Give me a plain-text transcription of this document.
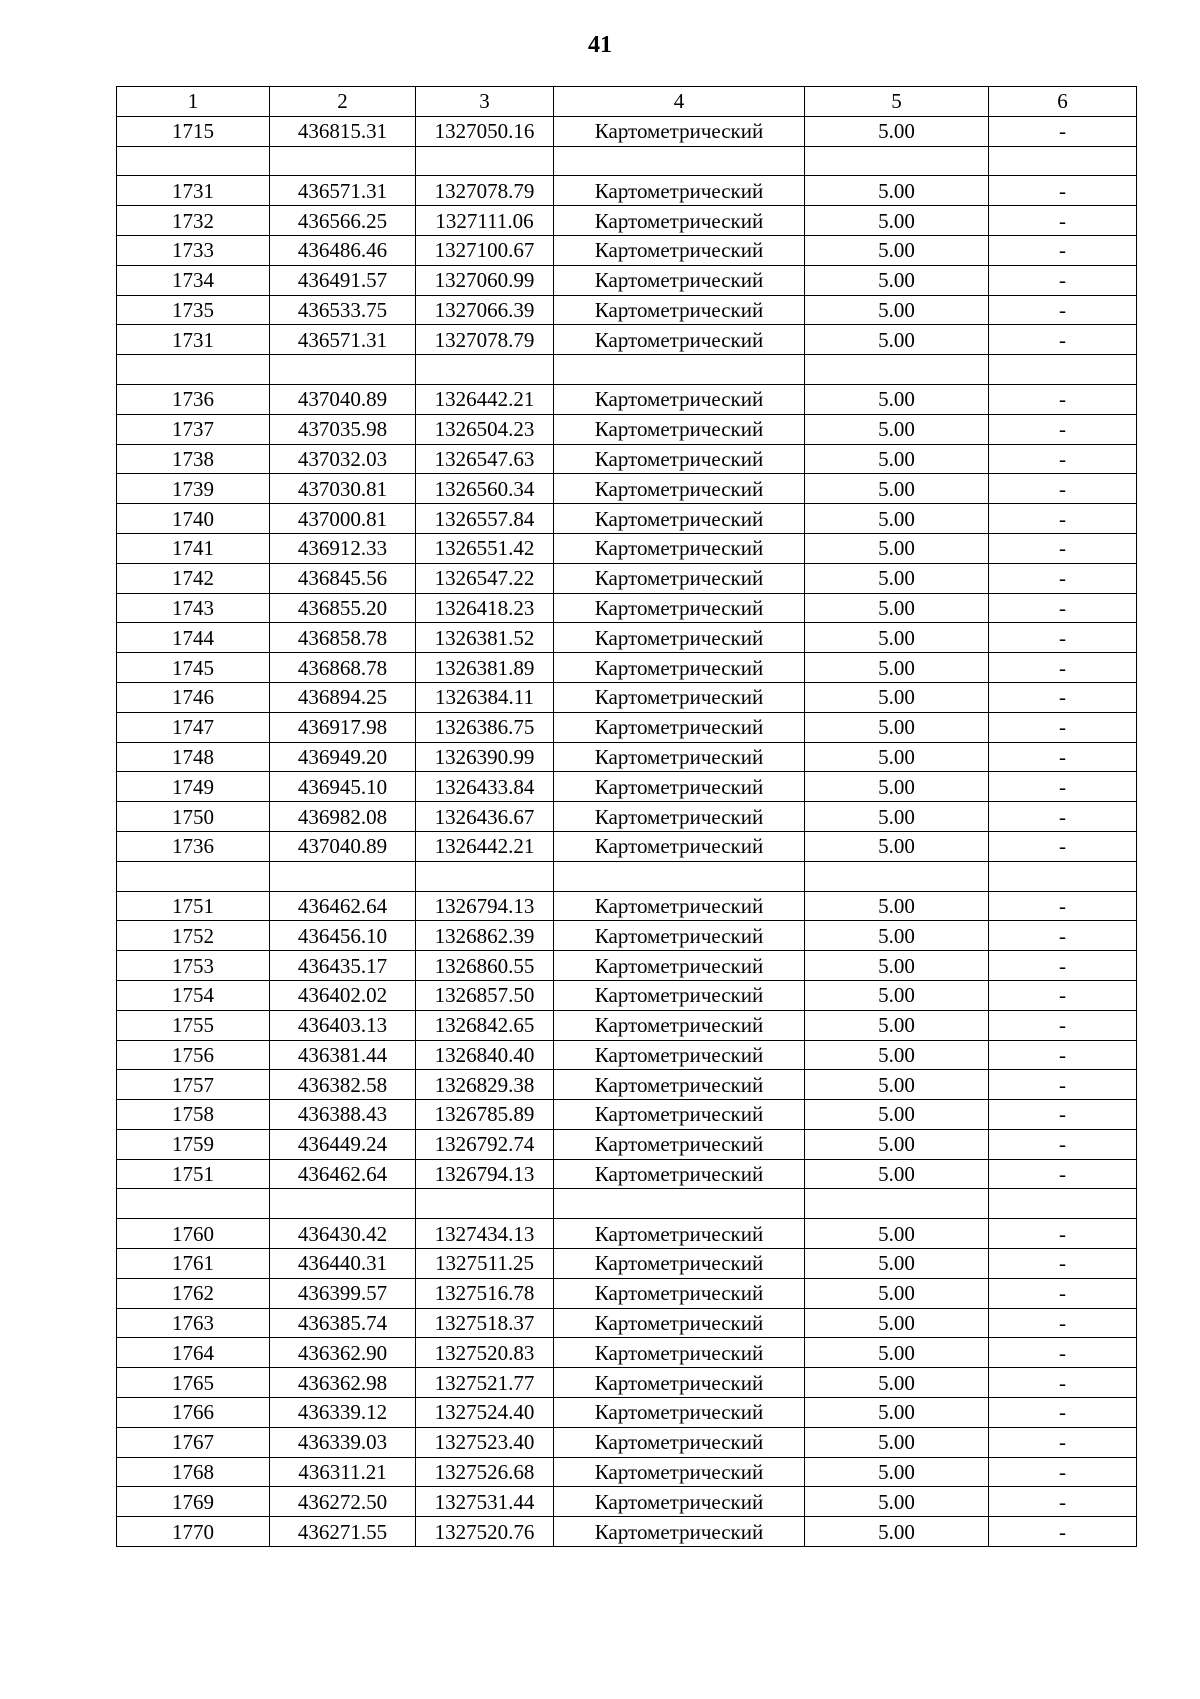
41
1	2	3	4	5	6
1715	436815.31	1327050.16	Картометрический	5.00	-

1731	436571.31	1327078.79	Картометрический	5.00	-
1732	436566.25	1327111.06	Картометрический	5.00	-
1733	436486.46	1327100.67	Картометрический	5.00	-
1734	436491.57	1327060.99	Картометрический	5.00	-
1735	436533.75	1327066.39	Картометрический	5.00	-
1731	436571.31	1327078.79	Картометрический	5.00	-

1736	437040.89	1326442.21	Картометрический	5.00	-
1737	437035.98	1326504.23	Картометрический	5.00	-
1738	437032.03	1326547.63	Картометрический	5.00	-
1739	437030.81	1326560.34	Картометрический	5.00	-
1740	437000.81	1326557.84	Картометрический	5.00	-
1741	436912.33	1326551.42	Картометрический	5.00	-
1742	436845.56	1326547.22	Картометрический	5.00	-
1743	436855.20	1326418.23	Картометрический	5.00	-
1744	436858.78	1326381.52	Картометрический	5.00	-
1745	436868.78	1326381.89	Картометрический	5.00	-
1746	436894.25	1326384.11	Картометрический	5.00	-
1747	436917.98	1326386.75	Картометрический	5.00	-
1748	436949.20	1326390.99	Картометрический	5.00	-
1749	436945.10	1326433.84	Картометрический	5.00	-
1750	436982.08	1326436.67	Картометрический	5.00	-
1736	437040.89	1326442.21	Картометрический	5.00	-

1751	436462.64	1326794.13	Картометрический	5.00	-
1752	436456.10	1326862.39	Картометрический	5.00	-
1753	436435.17	1326860.55	Картометрический	5.00	-
1754	436402.02	1326857.50	Картометрический	5.00	-
1755	436403.13	1326842.65	Картометрический	5.00	-
1756	436381.44	1326840.40	Картометрический	5.00	-
1757	436382.58	1326829.38	Картометрический	5.00	-
1758	436388.43	1326785.89	Картометрический	5.00	-
1759	436449.24	1326792.74	Картометрический	5.00	-
1751	436462.64	1326794.13	Картометрический	5.00	-

1760	436430.42	1327434.13	Картометрический	5.00	-
1761	436440.31	1327511.25	Картометрический	5.00	-
1762	436399.57	1327516.78	Картометрический	5.00	-
1763	436385.74	1327518.37	Картометрический	5.00	-
1764	436362.90	1327520.83	Картометрический	5.00	-
1765	436362.98	1327521.77	Картометрический	5.00	-
1766	436339.12	1327524.40	Картометрический	5.00	-
1767	436339.03	1327523.40	Картометрический	5.00	-
1768	436311.21	1327526.68	Картометрический	5.00	-
1769	436272.50	1327531.44	Картометрический	5.00	-
1770	436271.55	1327520.76	Картометрический	5.00	-
